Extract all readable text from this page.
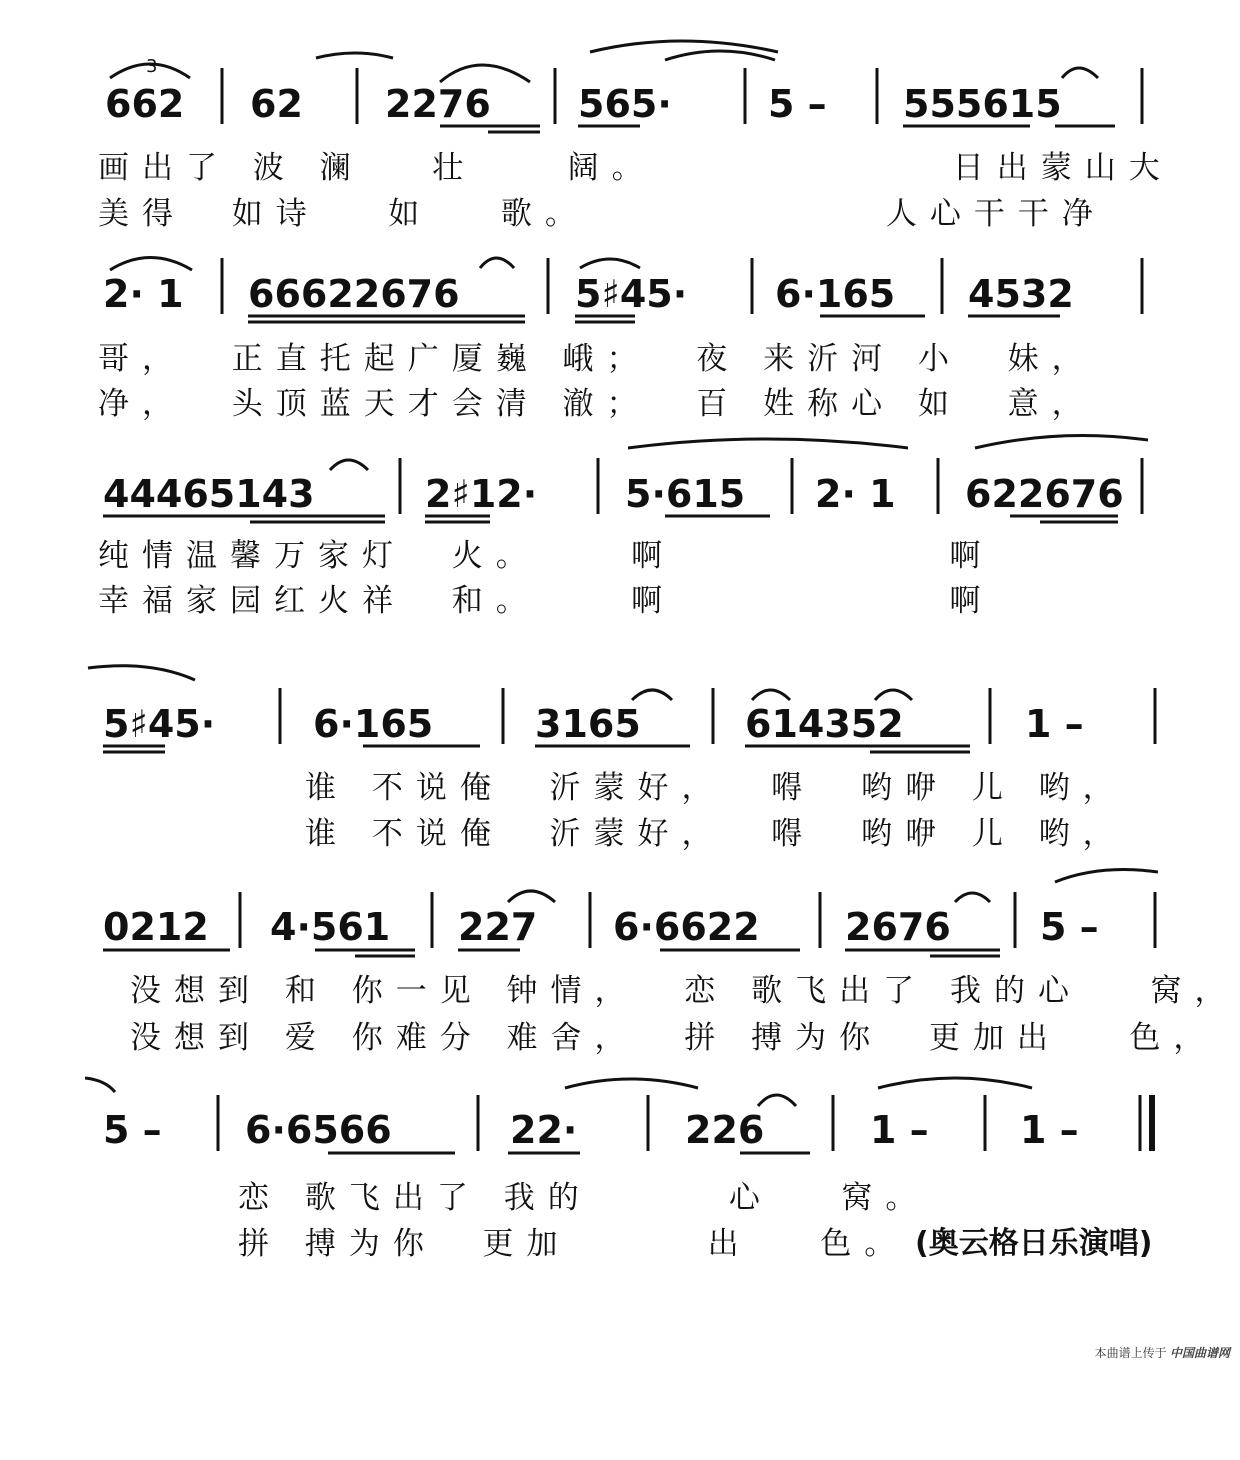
662

62

2276

565·

	5 –

555615

画出了 波 澜   壮    阔。             日出蒙山大
美得  如诗   如   歌。             人心干干净

2· 1

66622676

	5♯45·

6·165

4532

哥，  正直托起广厦巍 峨；  夜 来沂河 小  妹，
净，  头顶蓝天才会清 澈；  百 姓称心 如  意，

44465143

	2♯12·

5·615

2· 1

622676

纯情温馨万家灯  火。    啊            啊
幸福家园红火祥  和。    啊            啊

5♯45·

	6·165

	3165

	614352

	1 –

谁 不说俺  沂蒙好，  嘚  哟咿 儿 哟，
谁 不说俺  沂蒙好，  嘚  哟咿 儿 哟，

0212

4·561

227

6·6622

2676

5 –

没想到 和 你一见 钟情，  恋 歌飞出了 我的心   窝，
没想到 爱 你难分 难舍，  拼 搏为你  更加出   色，

5 –

6·6566

	22·

	226

	1 –

1 –

恋 歌飞出了 我的      心   窝。
拼 搏为你  更加      出   色。 (奥云格日乐演唱)
3
本曲谱上传于 中国曲谱网
